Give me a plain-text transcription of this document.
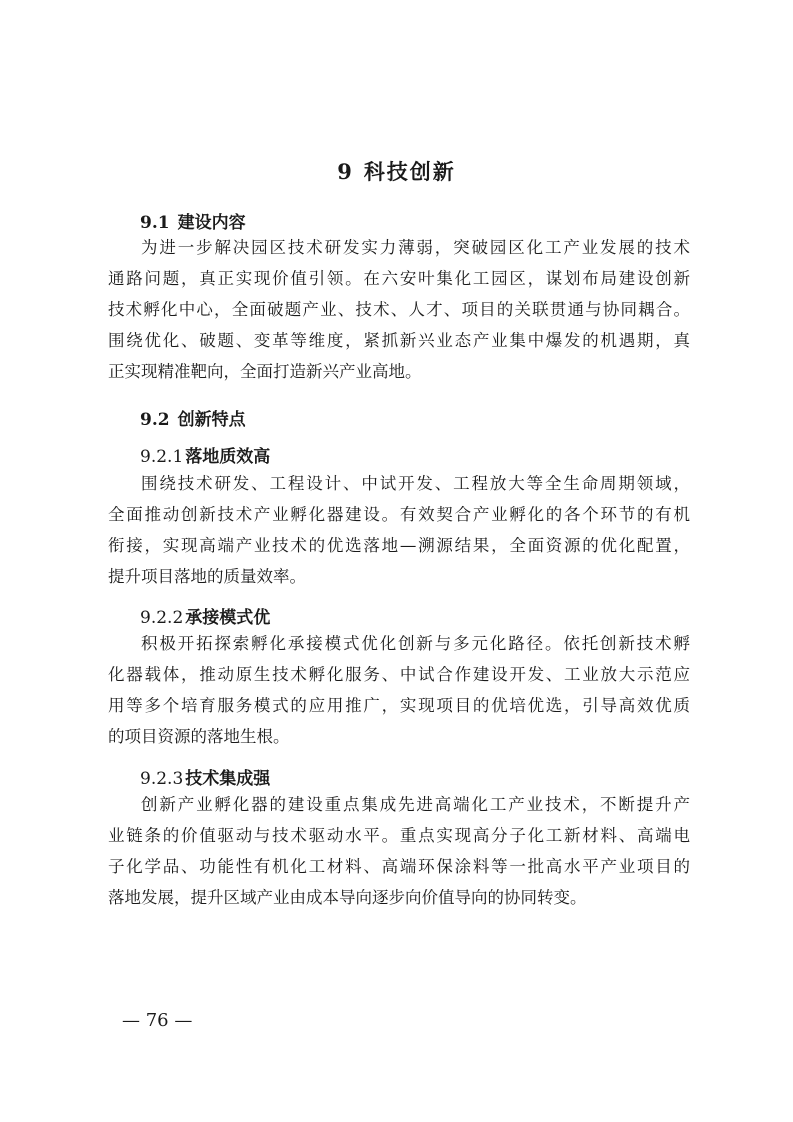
9 科技创新
9.1 建设内容
为进一步解决园区技术研发实力薄弱，突破园区化工产业发展的技术
通路问题，真正实现价值引领。在六安叶集化工园区，谋划布局建设创新
技术孵化中心，全面破题产业、技术、人才、项目的关联贯通与协同耦合。
围绕优化、破题、变革等维度，紧抓新兴业态产业集中爆发的机遇期，真
正实现精准靶向，全面打造新兴产业高地。
9.2 创新特点
9.2.1 落地质效高
围绕技术研发、工程设计、中试开发、工程放大等全生命周期领域，
全面推动创新技术产业孵化器建设。有效契合产业孵化的各个环节的有机
衔接，实现高端产业技术的优选落地—溯源结果，全面资源的优化配置，
提升项目落地的质量效率。
9.2.2 承接模式优
积极开拓探索孵化承接模式优化创新与多元化路径。依托创新技术孵
化器载体，推动原生技术孵化服务、中试合作建设开发、工业放大示范应
用等多个培育服务模式的应用推广，实现项目的优培优选，引导高效优质
的项目资源的落地生根。
9.2.3 技术集成强
创新产业孵化器的建设重点集成先进高端化工产业技术，不断提升产
业链条的价值驱动与技术驱动水平。重点实现高分子化工新材料、高端电
子化学品、功能性有机化工材料、高端环保涂料等一批高水平产业项目的
落地发展，提升区域产业由成本导向逐步向价值导向的协同转变。
— 76 —
